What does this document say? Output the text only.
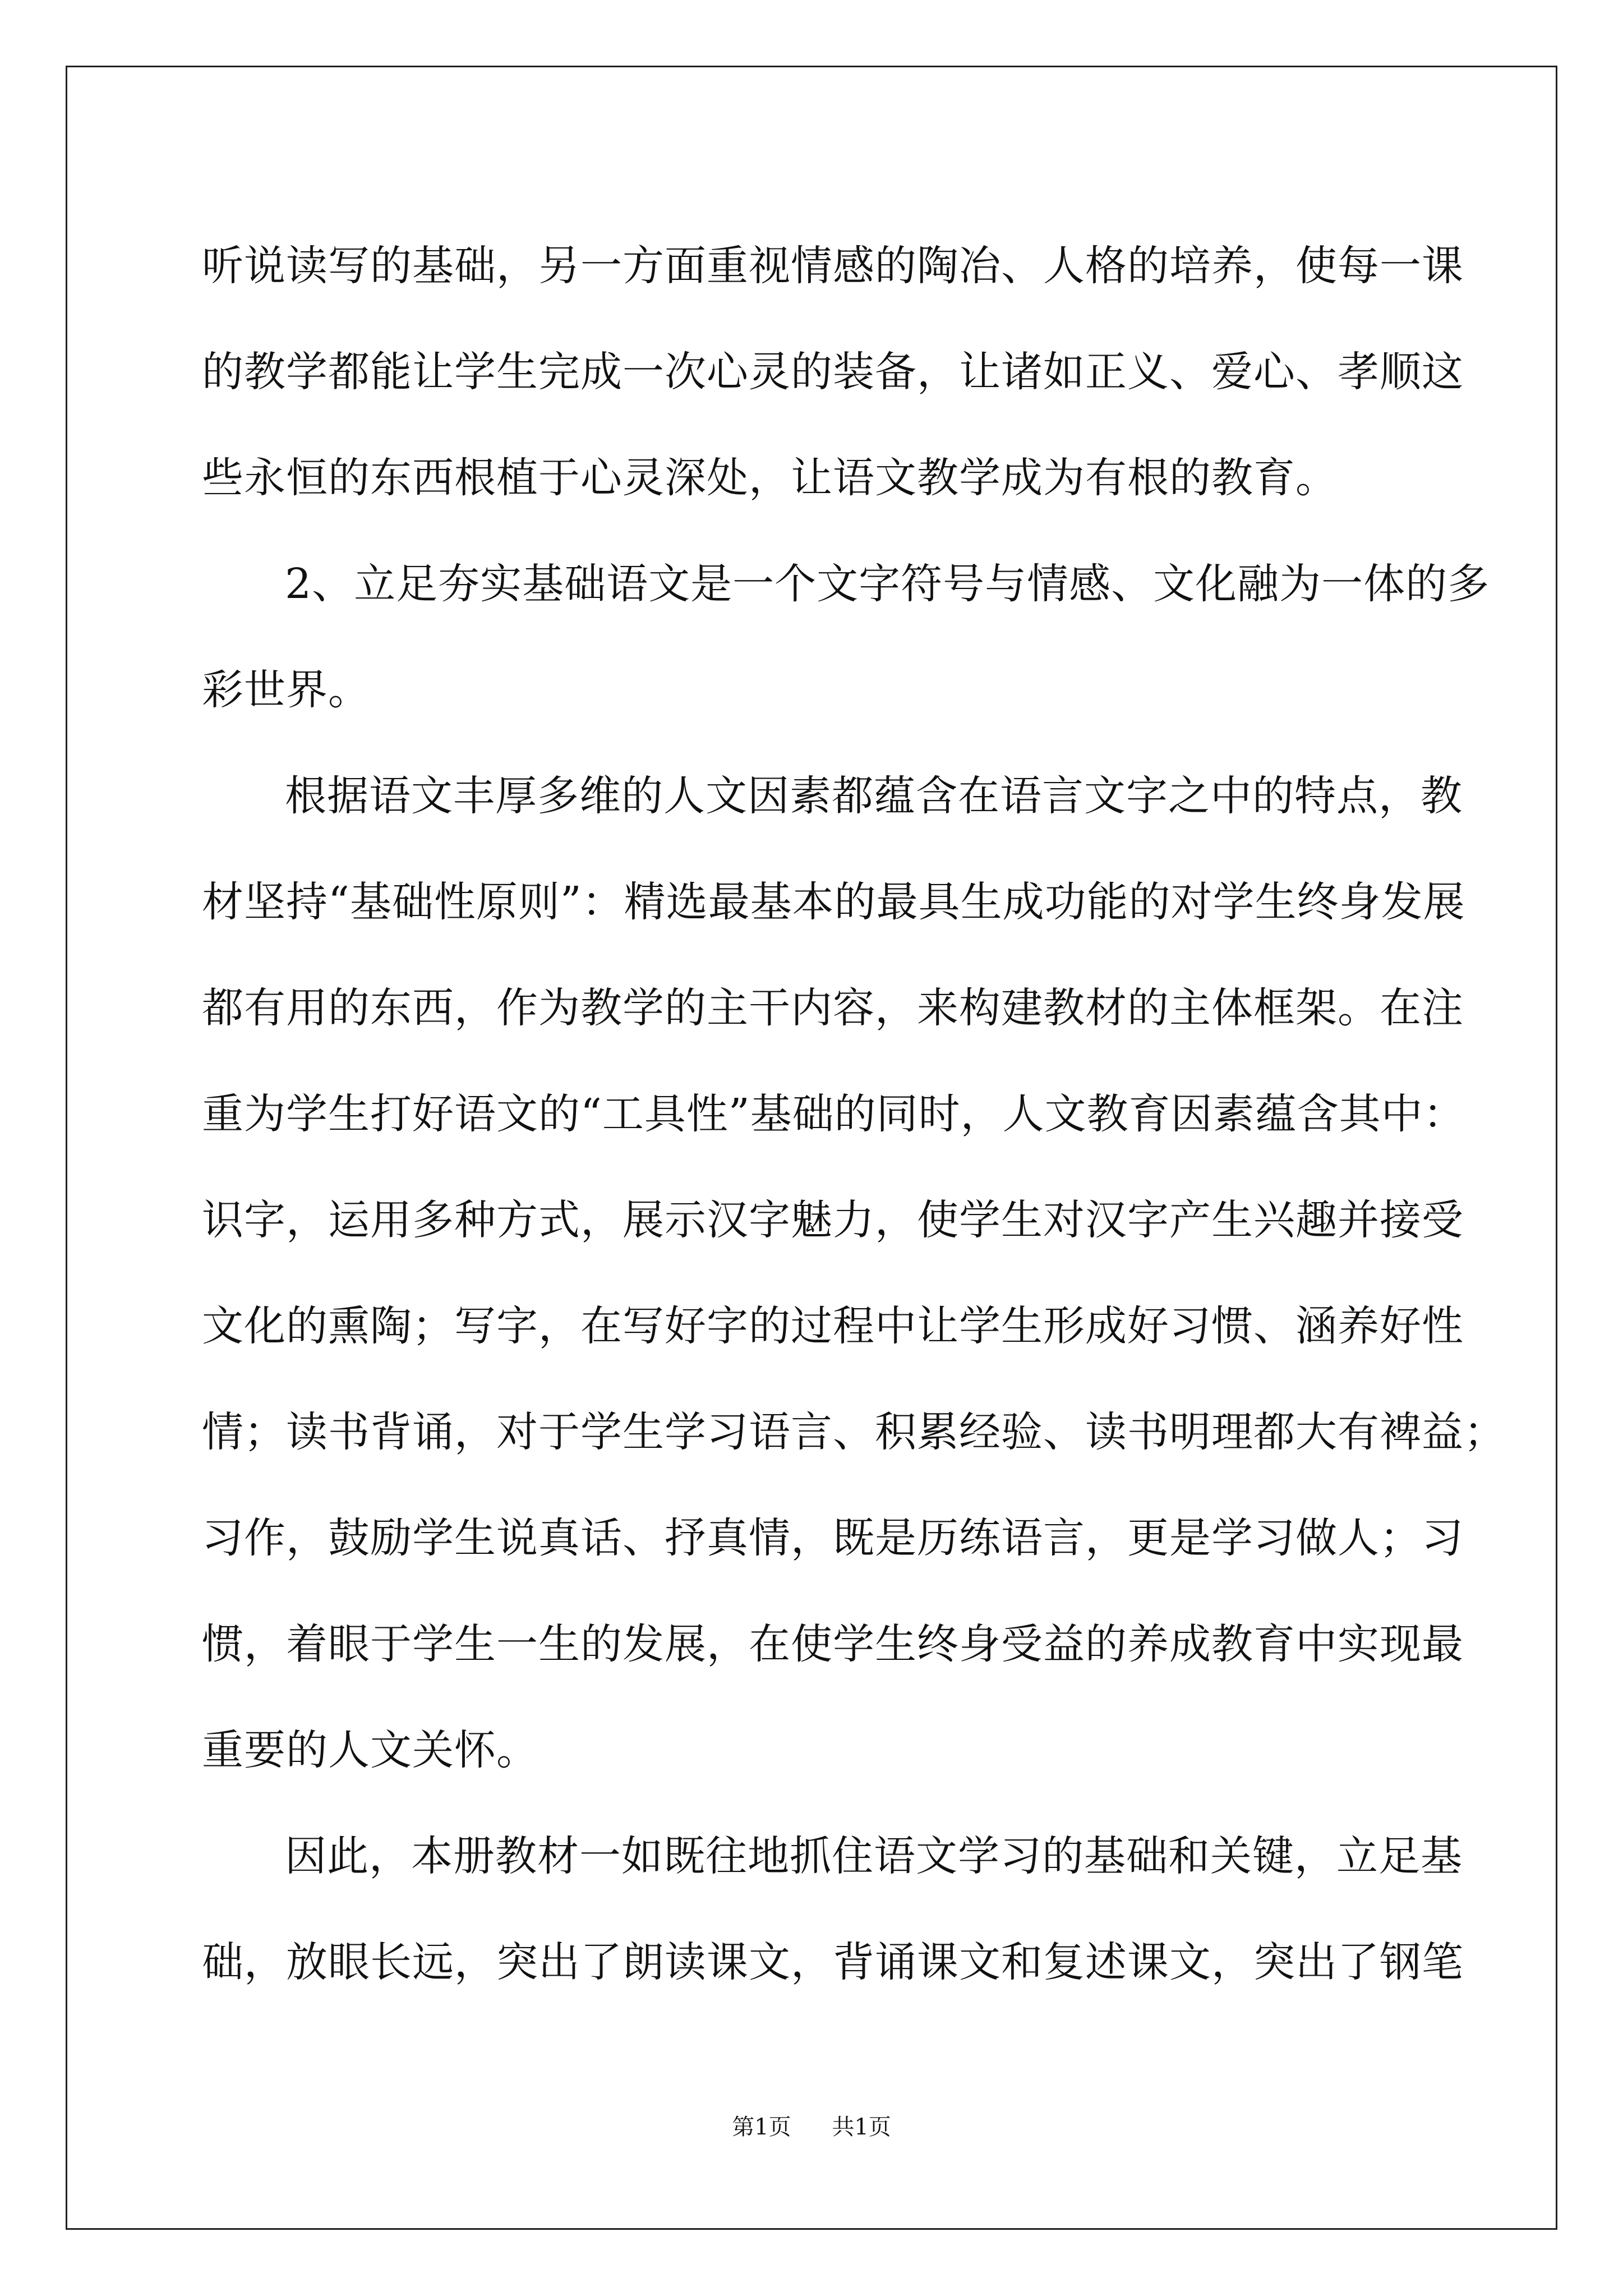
听说读写的基础，另一方面重视情感的陶冶、人格的培养，使每一课
的教学都能让学生完成一次心灵的装备，让诸如正义、爱心、孝顺这
些永恒的东西根植于心灵深处，让语文教学成为有根的教育。
2、立足夯实基础语文是一个文字符号与情感、文化融为一体的多
彩世界。
根据语文丰厚多维的人文因素都蕴含在语言文字之中的特点，教
材坚持“基础性原则”：精选最基本的最具生成功能的对学生终身发展
都有用的东西，作为教学的主干内容，来构建教材的主体框架。在注
重为学生打好语文的“工具性”基础的同时，人文教育因素蕴含其中：
识字，运用多种方式，展示汉字魅力，使学生对汉字产生兴趣并接受
文化的熏陶；写字，在写好字的过程中让学生形成好习惯、涵养好性
情；读书背诵，对于学生学习语言、积累经验、读书明理都大有裨益；
习作，鼓励学生说真话、抒真情，既是历练语言，更是学习做人；习
惯，着眼于学生一生的发展，在使学生终身受益的养成教育中实现最
重要的人文关怀。
因此，本册教材一如既往地抓住语文学习的基础和关键，立足基
础，放眼长远，突出了朗读课文，背诵课文和复述课文，突出了钢笔
第1页 共1页
